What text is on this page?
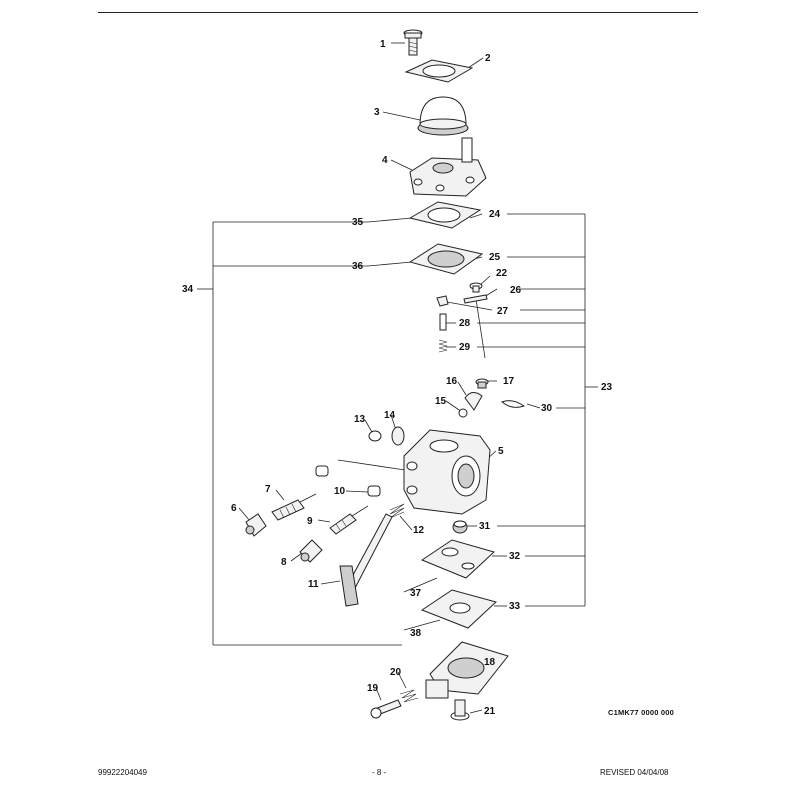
1
2
3
4
35
24
36
25
22
26
27
28
29
34
23
16	17
15
30
13 14
5
7	10
6
9
12	31
8
32
11
37
33
38
18
20
19
21	C1MK77 0000 000
99922204049	- 8 -	REVISED 04/04/08
